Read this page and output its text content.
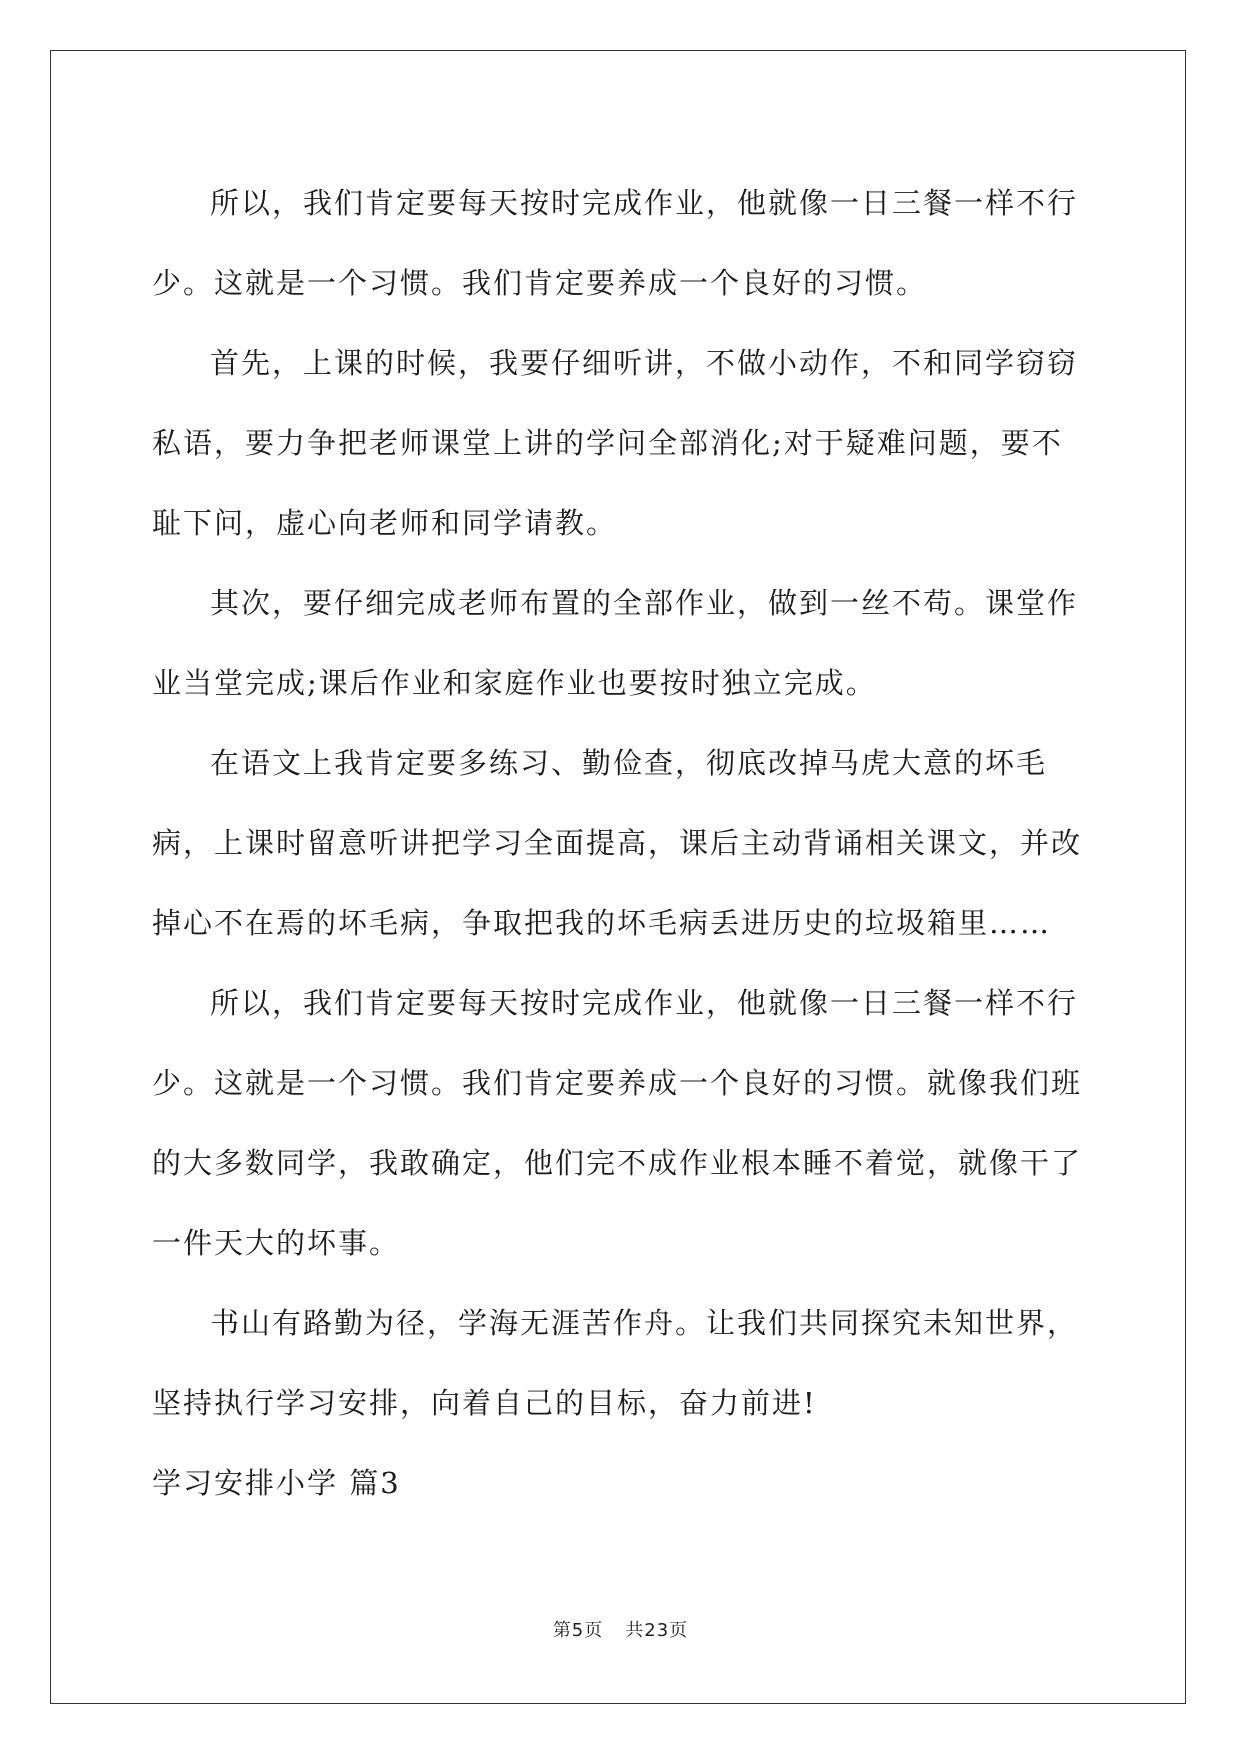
所以，我们肯定要每天按时完成作业，他就像一日三餐一样不行少。这就是一个习惯。我们肯定要养成一个良好的习惯。

首先，上课的时候，我要仔细听讲，不做小动作，不和同学窃窃私语，要力争把老师课堂上讲的学问全部消化;对于疑难问题，要不耻下问，虚心向老师和同学请教。

其次，要仔细完成老师布置的全部作业，做到一丝不苟。课堂作业当堂完成;课后作业和家庭作业也要按时独立完成。

在语文上我肯定要多练习、勤俭查，彻底改掉马虎大意的坏毛病，上课时留意听讲把学习全面提高，课后主动背诵相关课文，并改掉心不在焉的坏毛病，争取把我的坏毛病丢进历史的垃圾箱里……

所以，我们肯定要每天按时完成作业，他就像一日三餐一样不行少。这就是一个习惯。我们肯定要养成一个良好的习惯。就像我们班的大多数同学，我敢确定，他们完不成作业根本睡不着觉，就像干了一件天大的坏事。

书山有路勤为径，学海无涯苦作舟。让我们共同探究未知世界，坚持执行学习安排，向着自己的目标，奋力前进!

学习安排小学 篇3

第5页 共23页
